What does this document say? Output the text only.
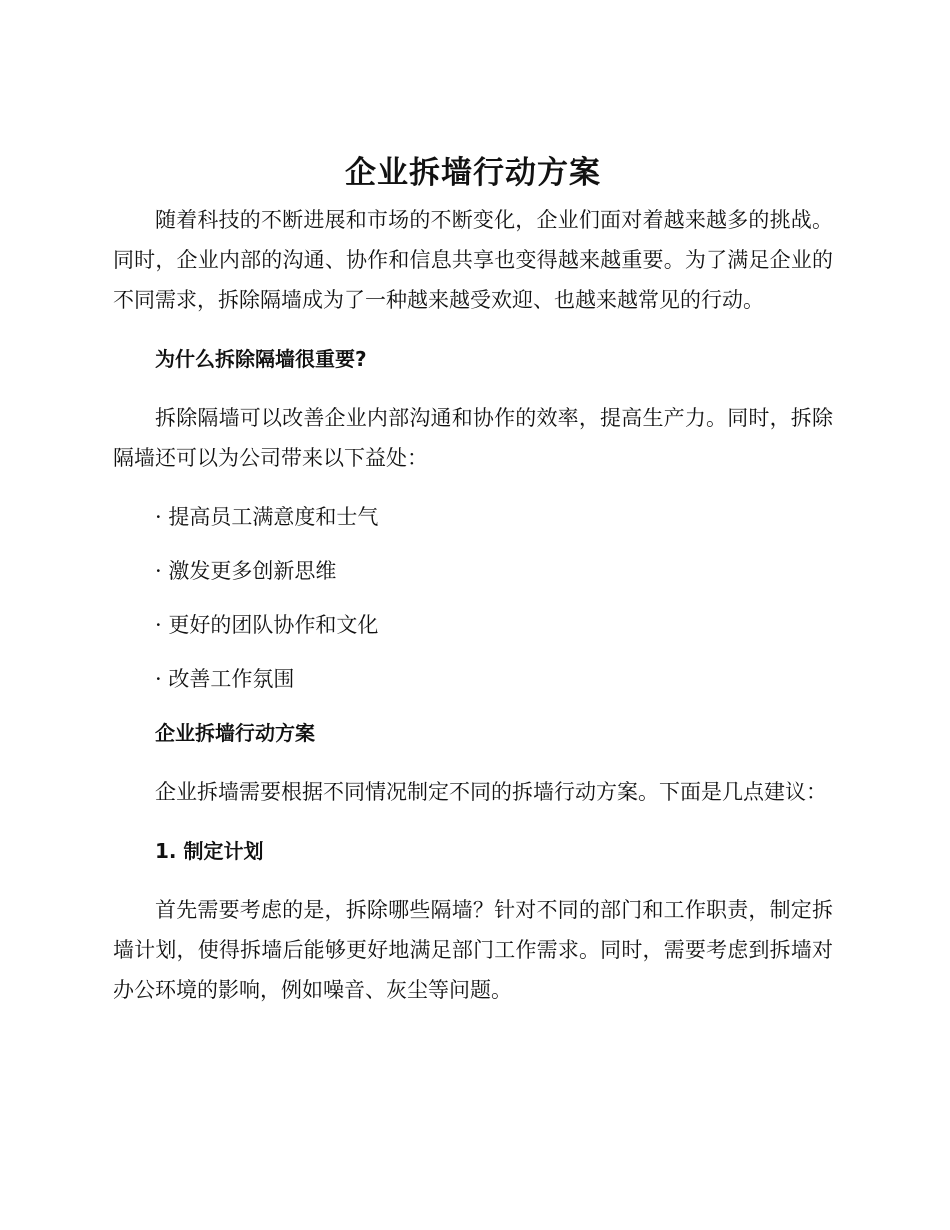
企业拆墙行动方案

随着科技的不断进展和市场的不断变化，企业们面对着越来越多的挑战。同时，企业内部的沟通、协作和信息共享也变得越来越重要。为了满足企业的不同需求，拆除隔墙成为了一种越来越受欢迎、也越来越常见的行动。

为什么拆除隔墙很重要?

拆除隔墙可以改善企业内部沟通和协作的效率，提高生产力。同时，拆除隔墙还可以为公司带来以下益处：

· 提高员工满意度和士气

· 激发更多创新思维

· 更好的团队协作和文化

· 改善工作氛围

企业拆墙行动方案

企业拆墙需要根据不同情况制定不同的拆墙行动方案。下面是几点建议：

1. 制定计划

首先需要考虑的是，拆除哪些隔墙？针对不同的部门和工作职责，制定拆墙计划，使得拆墙后能够更好地满足部门工作需求。同时，需要考虑到拆墙对办公环境的影响，例如噪音、灰尘等问题。
